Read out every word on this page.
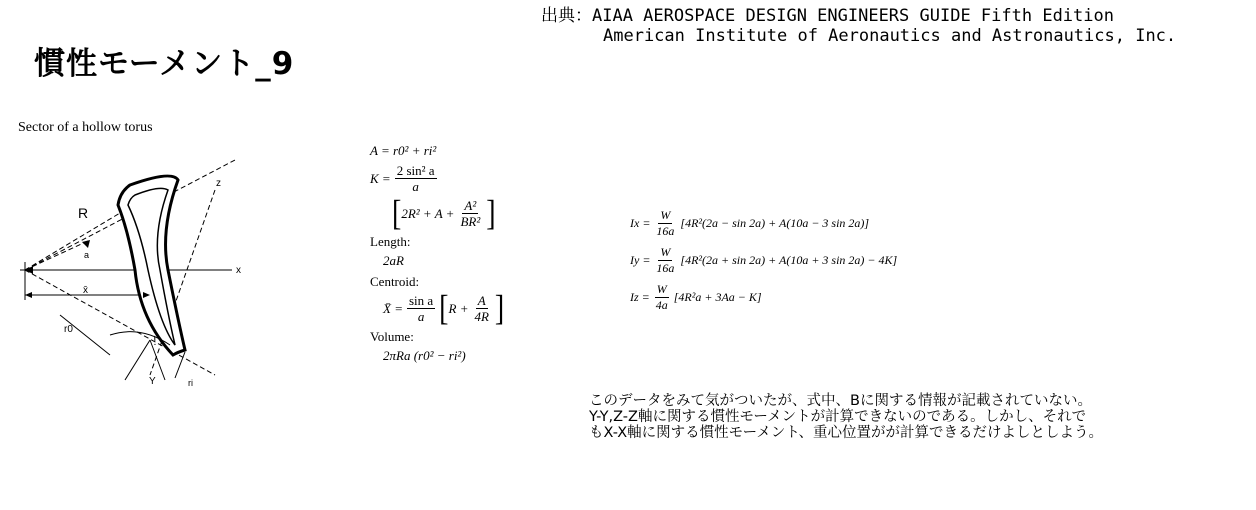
慣性モーメント_9
出典：AIAA AEROSPACE DESIGN ENGINEERS GUIDE Fifth Edition
American Institute of Aeronautics and Astronautics, Inc.
Sector of a hollow torus
R
a
x̄
x
z
r0
ri
Y
A =
r0² + ri²
$K = \frac{\text{2 sin² a}}{a}$
[ $2R^2 + A + \frac{\text{A²}}{\text{BR²}}$ ]
Length:
2aR
Centroid:
X̄ = $\frac{\text{sin a}}{a}$ [ $R + \frac{A}{4R}$ ]
Volume:
2πRa (r0² − ri²)
$Ix = \frac{W}{16a} [4R^2(2a - \sin 2a) + A(10a - 3$ sin 2a)]
$Iy = \frac{W}{16a} [4R^2(2a + \sin 2a) + A(10a + 3$ sin 2a) − 4K]
$Iz = \frac{W}{4a} [4R^2a + 3Aa - K]$
このデータをみて気がついたが、式中、Bに関する情報が記載されていない。
Y-Y,Z-Z軸に関する慣性モーメントが計算できないのである。しかし、それで
もX-X軸に関する慣性モーメント、重心位置がが計算できるだけよしとしよう。
